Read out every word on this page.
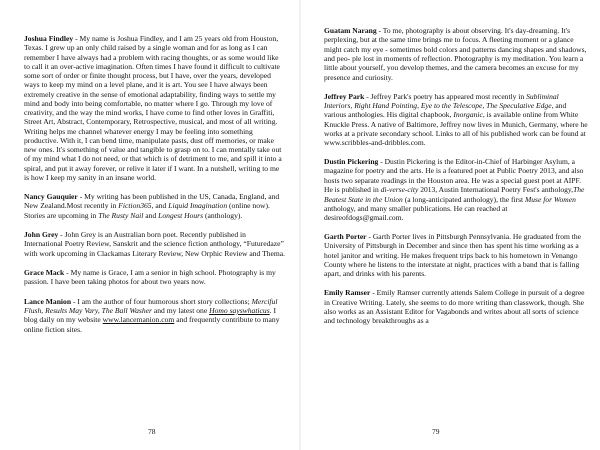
Joshua Findley - My name is Joshua Findley, and I am 25 years old from Houston, Texas. I grew up an only child raised by a single woman and for as long as I can remember I have always had a problem with racing thoughts, or as some would like to call it an over-active imagination. Often times I have found it difficult to cultivate some sort of order or finite thought process, but I have, over the years, developed ways to keep my mind on a level plane, and it is art. You see I have always been extremely creative in the sense of emotional adaptability, finding ways to settle my mind and body into being comfortable, no matter where I go. Through my love of creativity, and the way the mind works, I have come to find other loves in Graffiti, Street Art, Abstract, Contemporary, Retrospective, musical, and most of all writing. Writing helps me channel whatever energy I may be feeling into something productive. With it, I can bend time, manipulate pasts, dust off memories, or make new ones. It's something of value and tangible to grasp on to. I can mentally take out of my mind what I do not need, or that which is of detriment to me, and spill it into a spiral, and put it away forever, or relive it later if I want. In a nutshell, writing to me is how I keep my sanity in an insane world.

Nancy Gauquier - My writing has been published in the US, Canada, England, and New Zealand.Most recently in Fiction365, and Liquid Imagination (online now). Stories are upcoming in The Rusty Nail and Longest Hours (anthology).

John Grey - John Grey is an Australian born poet. Recently published in International Poetry Review, Sanskrit and the science fiction anthology, “Futuredaze” with work upcoming in Clackamas Literary Review, New Orphic Review and Thema.

Grace Mack - My name is Grace, I am a senior in high school. Photography is my passion. I have been taking photos for about two years now.

Lance Manion - I am the author of four humorous short story collections; Merciful Flush, Results May Vary, The Ball Washer and my latest one Homo sayswhaticus. I blog daily on my website www.lancemanion.com and frequently contribute to many online fiction sites.

78

Guatam Narang - To me, photography is about observing. It's day-dreaming. It's perplexing, but at the same time brings me to focus. A fleeting moment or a glance might catch my eye - sometimes bold colors and patterns dancing shapes and shadows, and peo- ple lost in moments of reflection. Photography is my meditation. You learn a little about yourself, you develop themes, and the camera becomes an excuse for my presence and curiosity.

Jeffrey Park - Jeffrey Park's poetry has appeared most recently in Subliminal Interiors, Right Hand Pointing, Eye to the Telescope, The Speculative Edge, and various anthologies. His digital chapbook, Inorganic, is available online from White Knuckle Press. A native of Baltimore, Jeffrey now lives in Munich, Germany, where he works at a private secondary school. Links to all of his published work can be found at www.scribbles-and-dribbles.com.

Dustin Pickering - Dustin Pickering is the Editor-in-Chief of Harbinger Asylum, a magazine for poetry and the arts. He is a featured poet at Public Poetry 2013, and also hosts two separate readings in the Houston area. He was a special guest poet at AIPF. He is published in di-verse-city 2013, Austin International Poetry Fest's anthology,The Beatest State in the Union (a long-anticipated anthology), the first Muse for Women anthology, and many smaller publications. He can reached at desireofdogs@gmail.com.

Garth Porter - Garth Porter lives in Pittsburgh Pennsylvania. He graduated from the University of Pittsburgh in December and since then has spent his time working as a hotel janitor and writing. He makes frequent trips back to his hometown in Venango County where he listens to the interstate at night, practices with a band that is falling apart, and drinks with his parents.

Emily Ramser - Emily Ramser currently attends Salem College in pursuit of a degree in Creative Writing. Lately, she seems to do more writing than classwork, though. She also works as an Assistant Editor for Vagabonds and writes about all sorts of science and technology breakthroughs as a

79
